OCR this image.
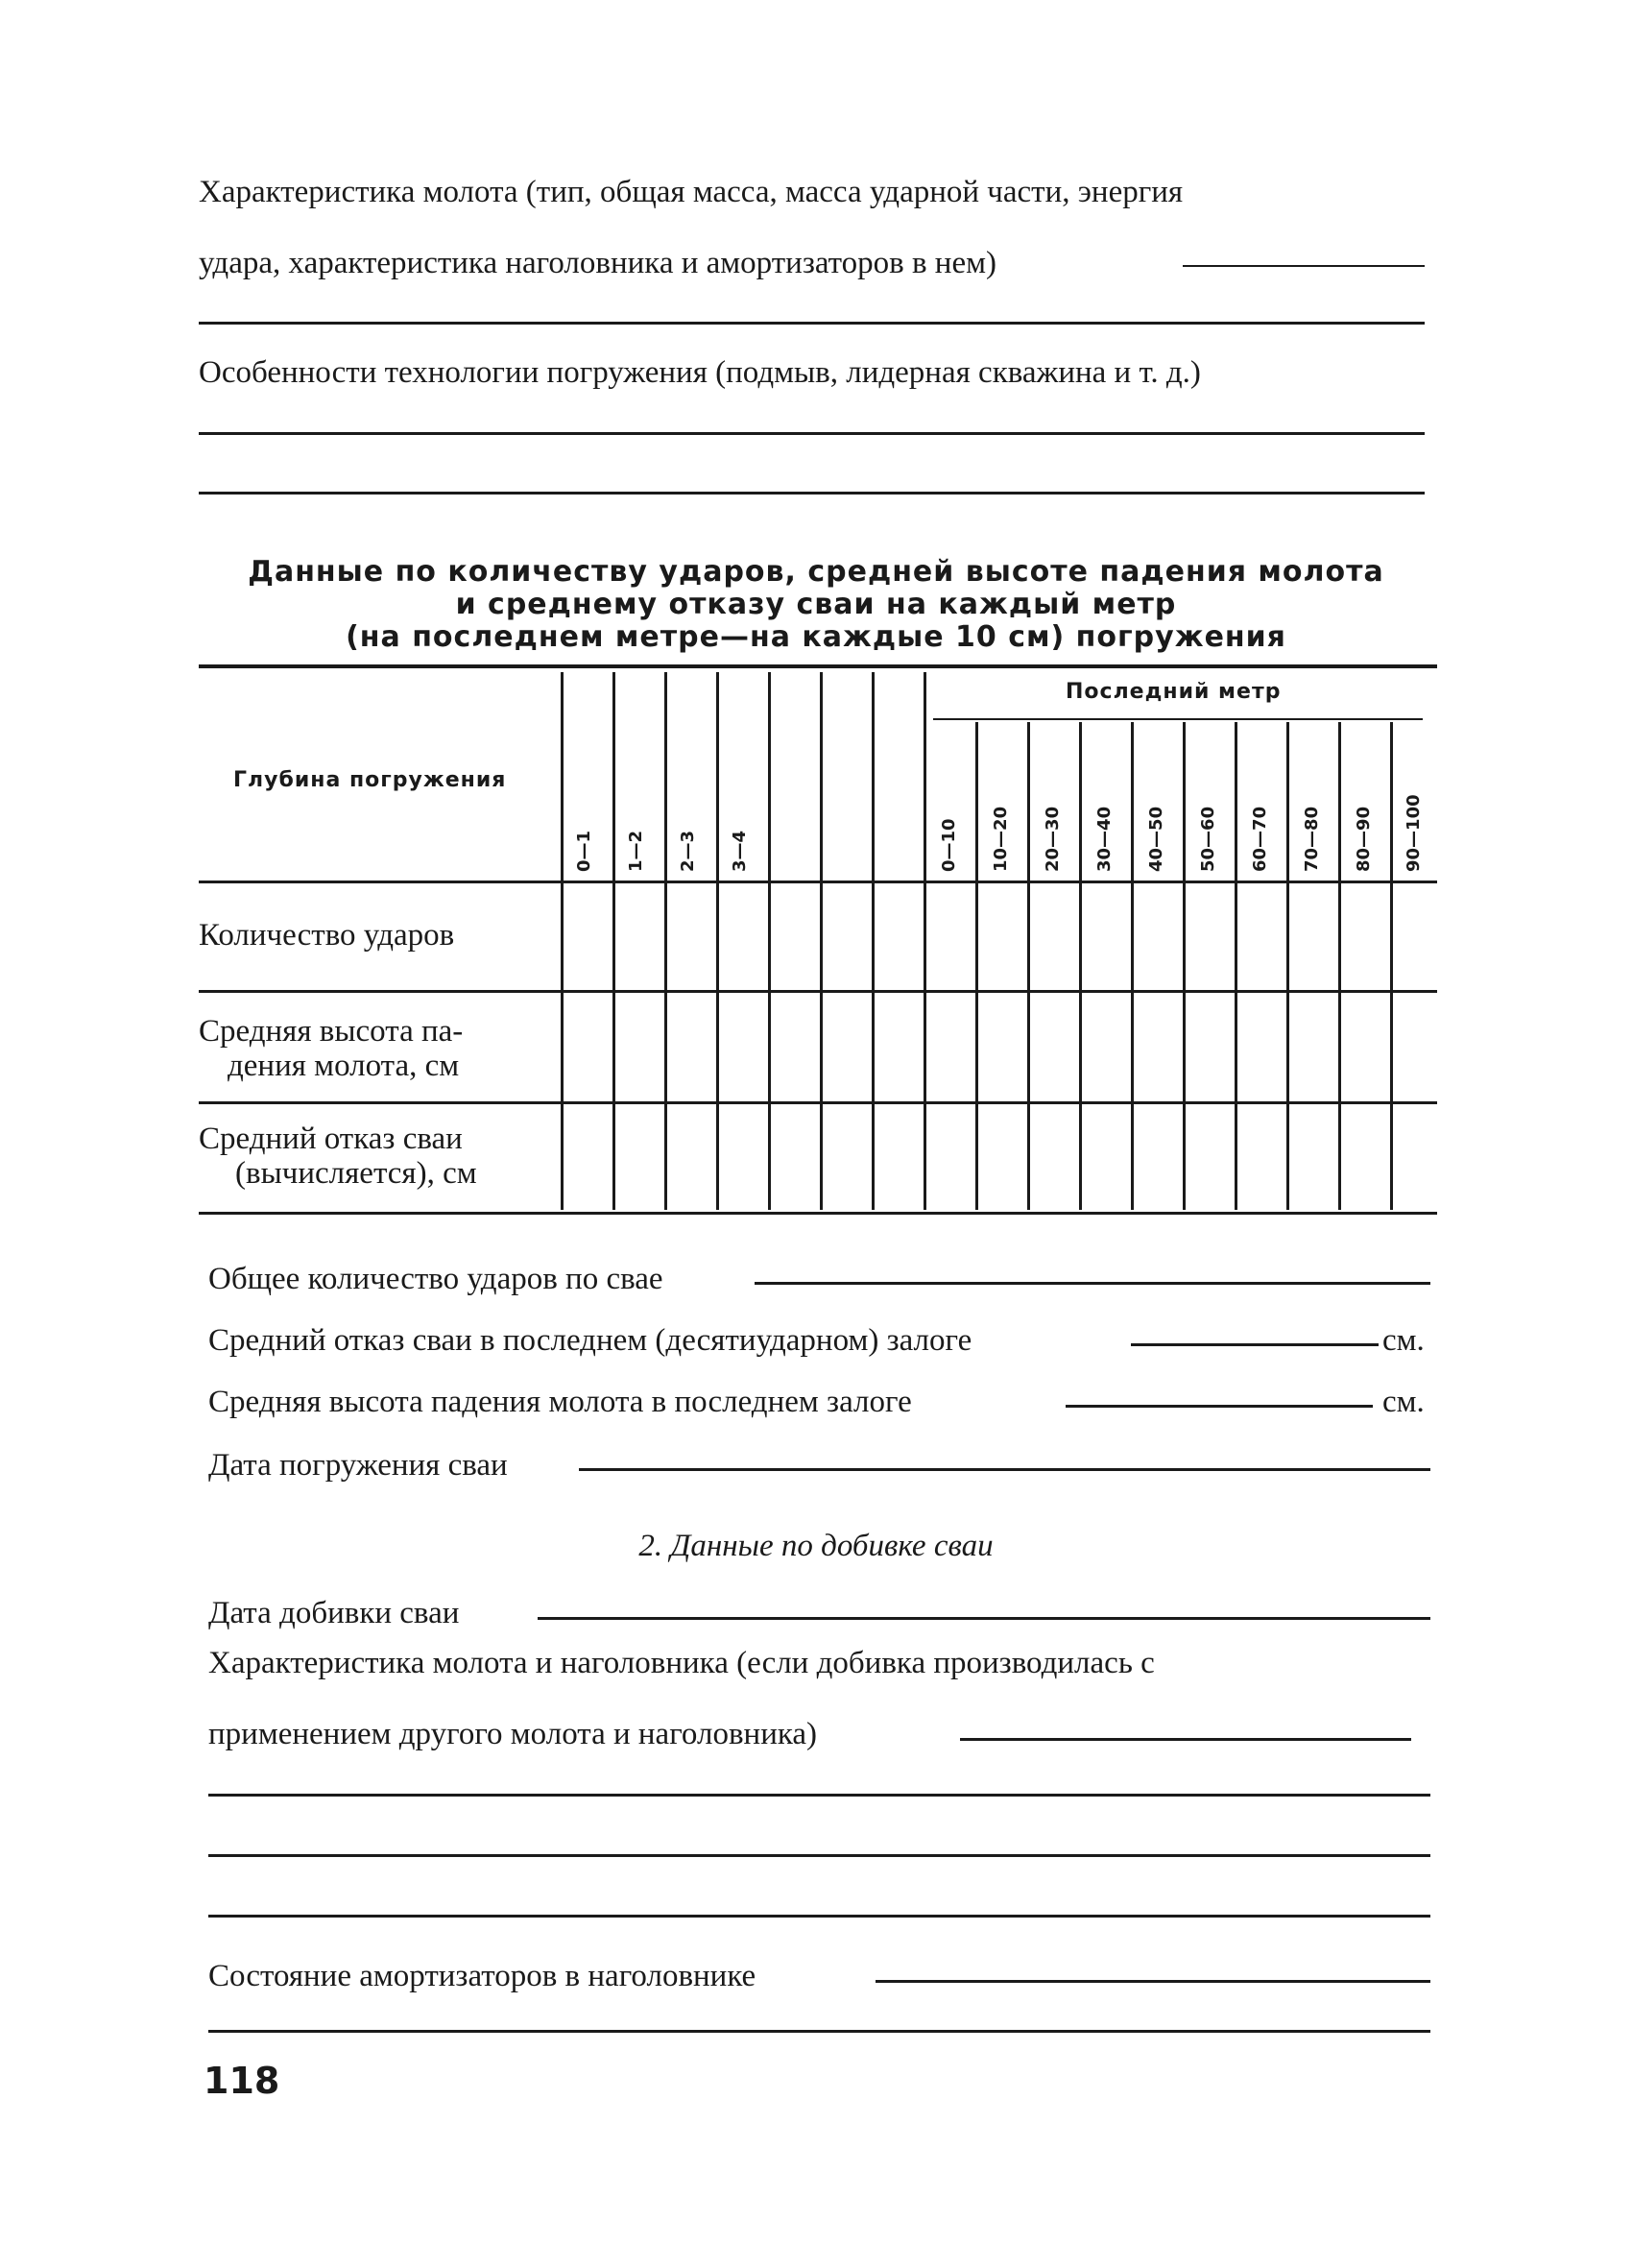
Характеристика молота (тип, общая масса, масса ударной части, энергия
удара, характеристика наголовника и амортизаторов в нем)
Особенности технологии погружения (подмыв, лидерная скважина и т. д.)
Данные по количеству ударов, средней высоте падения молота
и среднему отказу сваи на каждый метр
(на последнем метре—на каждые 10 см) погружения
Глубина погружения
Последний метр
0—1 1—2 2—3 3—4	0—10 10—20 20—30 30—40 40—50 50—60 60—70 70—80 80—90 90—100
Количество ударов
Средняя высота па-
дения молота, см
Средний отказ сваи
(вычисляется), см
Общее количество ударов по свае
Средний отказ сваи в последнем (десятиударном) залоге	см.
Средняя высота падения молота в последнем залоге	см.
Дата погружения сваи
2. Данные по добивке сваи
Дата добивки сваи
Характеристика молота и наголовника (если добивка производилась с
применением другого молота и наголовника)
Состояние амортизаторов в наголовнике
118
